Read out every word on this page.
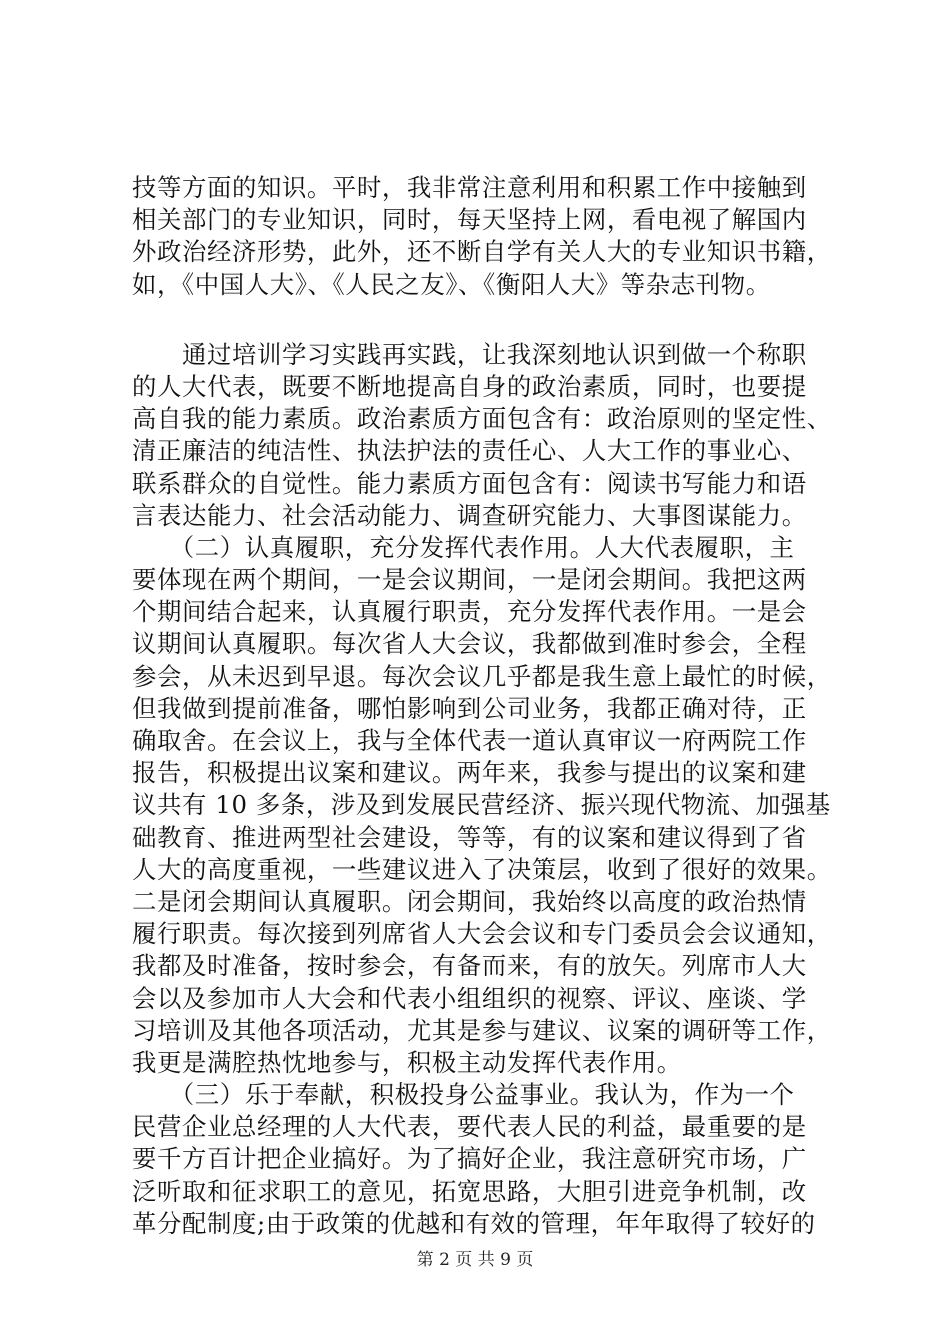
技等方面的知识。平时，我非常注意利用和积累工作中接触到
相关部门的专业知识，同时，每天坚持上网，看电视了解国内
外政治经济形势，此外，还不断自学有关人大的专业知识书籍，
如，《中国人大》、《人民之友》、《衡阳人大》等杂志刊物。
　　通过培训学习实践再实践，让我深刻地认识到做一个称职
的人大代表，既要不断地提高自身的政治素质，同时，也要提
高自我的能力素质。政治素质方面包含有：政治原则的坚定性、
清正廉洁的纯洁性、执法护法的责任心、人大工作的事业心、
联系群众的自觉性。能力素质方面包含有：阅读书写能力和语
言表达能力、社会活动能力、调查研究能力、大事图谋能力。
　　（二）认真履职，充分发挥代表作用。人大代表履职，主
要体现在两个期间，一是会议期间，一是闭会期间。我把这两
个期间结合起来，认真履行职责，充分发挥代表作用。一是会
议期间认真履职。每次省人大会议，我都做到准时参会，全程
参会，从未迟到早退。每次会议几乎都是我生意上最忙的时候，
但我做到提前准备，哪怕影响到公司业务，我都正确对待，正
确取舍。在会议上，我与全体代表一道认真审议一府两院工作
报告，积极提出议案和建议。两年来，我参与提出的议案和建
议共有 10 多条，涉及到发展民营经济、振兴现代物流、加强基
础教育、推进两型社会建设，等等，有的议案和建议得到了省
人大的高度重视，一些建议进入了决策层，收到了很好的效果。
二是闭会期间认真履职。闭会期间，我始终以高度的政治热情
履行职责。每次接到列席省人大会会议和专门委员会会议通知，
我都及时准备，按时参会，有备而来，有的放矢。列席市人大
会以及参加市人大会和代表小组组织的视察、评议、座谈、学
习培训及其他各项活动，尤其是参与建议、议案的调研等工作，
我更是满腔热忱地参与，积极主动发挥代表作用。
　　（三）乐于奉献，积极投身公益事业。我认为，作为一个
民营企业总经理的人大代表，要代表人民的利益，最重要的是
要千方百计把企业搞好。为了搞好企业，我注意研究市场，广
泛听取和征求职工的意见，拓宽思路，大胆引进竞争机制，改
革分配制度;由于政策的优越和有效的管理，年年取得了较好的
第 2 页 共 9 页
